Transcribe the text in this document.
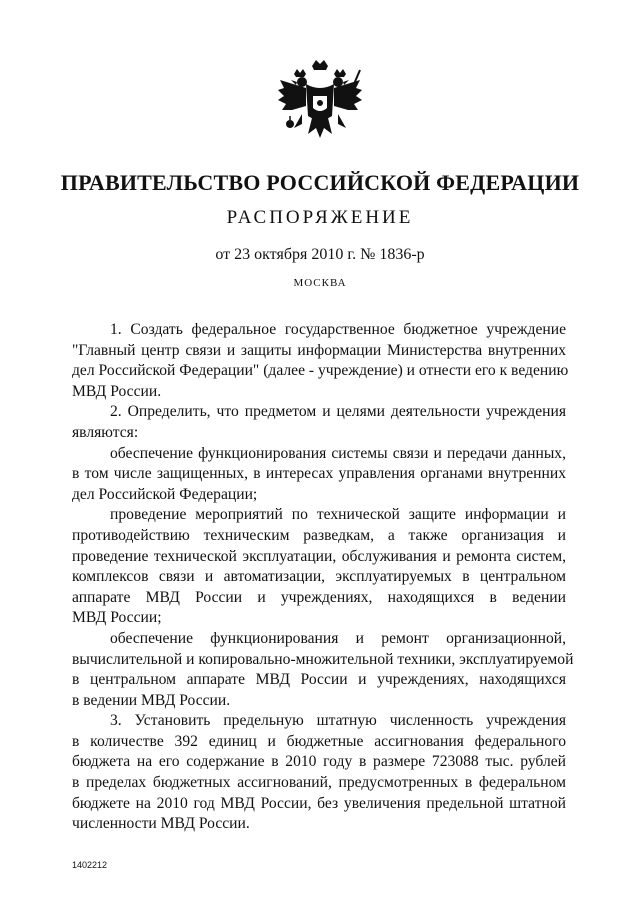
ПРАВИТЕЛЬСТВО РОССИЙСКОЙ ФЕДЕРАЦИИ
РАСПОРЯЖЕНИЕ
от 23 октября 2010 г. № 1836-р
МОСКВА
1. Создать федеральное государственное бюджетное учреждение
"Главный центр связи и защиты информации Министерства внутренних
дел Российской Федерации" (далее - учреждение) и отнести его к ведению
МВД России.
2. Определить, что предметом и целями деятельности учреждения
являются:
обеспечение функционирования системы связи и передачи данных,
в том числе защищенных, в интересах управления органами внутренних
дел Российской Федерации;
проведение мероприятий по технической защите информации и
противодействию техническим разведкам, а также организация и
проведение технической эксплуатации, обслуживания и ремонта систем,
комплексов связи и автоматизации, эксплуатируемых в центральном
аппарате МВД России и учреждениях, находящихся в ведении
МВД России;
обеспечение функционирования и ремонт организационной,
вычислительной и копировально-множительной техники, эксплуатируемой
в центральном аппарате МВД России и учреждениях, находящихся
в ведении МВД России.
3. Установить предельную штатную численность учреждения
в количестве 392 единиц и бюджетные ассигнования федерального
бюджета на его содержание в 2010 году в размере 723088 тыс. рублей
в пределах бюджетных ассигнований, предусмотренных в федеральном
бюджете на 2010 год МВД России, без увеличения предельной штатной
численности МВД России.
1402212
